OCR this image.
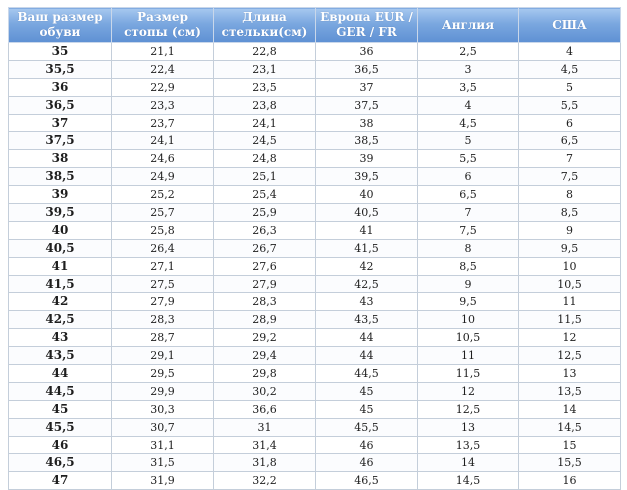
Ваш размер обуви	Размер стопы (см)	Длина стельки(см)	Европа EUR / GER / FR	Англия	США
35	21,1	22,8	36	2,5	4
35,5	22,4	23,1	36,5	3	4,5
36	22,9	23,5	37	3,5	5
36,5	23,3	23,8	37,5	4	5,5
37	23,7	24,1	38	4,5	6
37,5	24,1	24,5	38,5	5	6,5
38	24,6	24,8	39	5,5	7
38,5	24,9	25,1	39,5	6	7,5
39	25,2	25,4	40	6,5	8
39,5	25,7	25,9	40,5	7	8,5
40	25,8	26,3	41	7,5	9
40,5	26,4	26,7	41,5	8	9,5
41	27,1	27,6	42	8,5	10
41,5	27,5	27,9	42,5	9	10,5
42	27,9	28,3	43	9,5	11
42,5	28,3	28,9	43,5	10	11,5
43	28,7	29,2	44	10,5	12
43,5	29,1	29,4	44	11	12,5
44	29,5	29,8	44,5	11,5	13
44,5	29,9	30,2	45	12	13,5
45	30,3	36,6	45	12,5	14
45,5	30,7	31	45,5	13	14,5
46	31,1	31,4	46	13,5	15
46,5	31,5	31,8	46	14	15,5
47	31,9	32,2	46,5	14,5	16
